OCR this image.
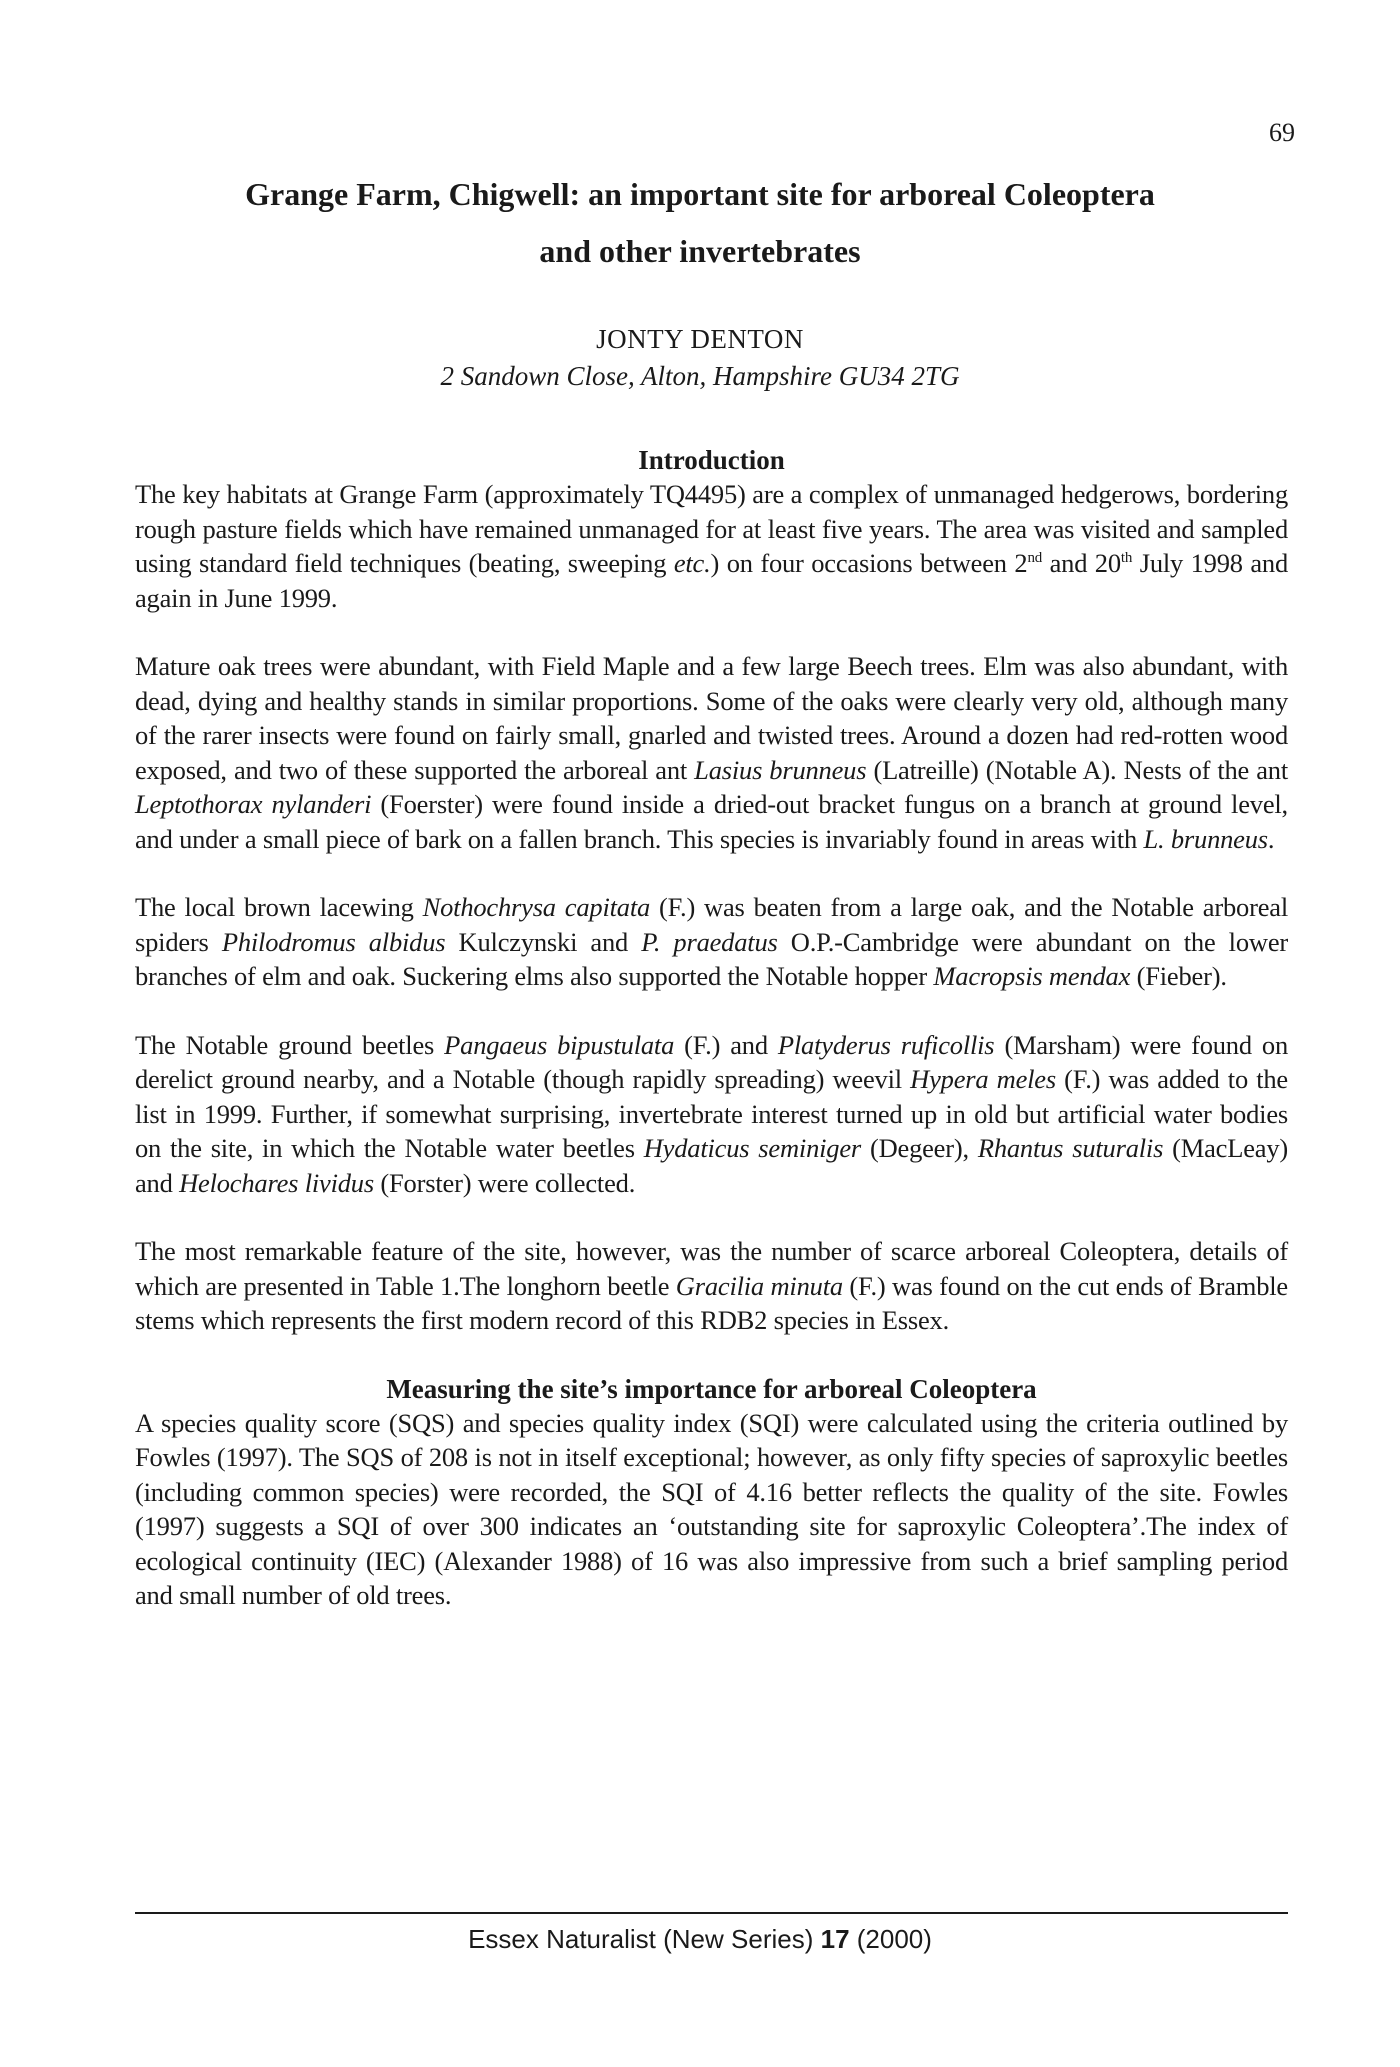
69
Grange Farm, Chigwell: an important site for arboreal Coleoptera
and other invertebrates
JONTY DENTON
2 Sandown Close, Alton, Hampshire GU34 2TG

Introduction

The key habitats at Grange Farm (approximately TQ4495) are a complex of unmanaged hedgerows, bordering rough pasture fields which have remained unmanaged for at least five years. The area was visited and sampled using standard field techniques (beating, sweeping etc.) on four occasions between 2nd and 20th July 1998 and again in June 1999.

Mature oak trees were abundant, with Field Maple and a few large Beech trees. Elm was also abundant, with dead, dying and healthy stands in similar proportions. Some of the oaks were clearly very old, although many of the rarer insects were found on fairly small, gnarled and twisted trees. Around a dozen had red-rotten wood exposed, and two of these supported the arboreal ant Lasius brunneus (Latreille) (Notable A). Nests of the ant Leptothorax nylanderi (Foerster) were found inside a dried-out bracket fungus on a branch at ground level, and under a small piece of bark on a fallen branch. This species is invariably found in areas with L. brunneus.

The local brown lacewing Nothochrysa capitata (F.) was beaten from a large oak, and the Notable arboreal spiders Philodromus albidus Kulczynski and P. praedatus O.P.-Cambridge were abundant on the lower branches of elm and oak. Suckering elms also supported the Notable hopper Macropsis mendax (Fieber).

The Notable ground beetles Pangaeus bipustulata (F.) and Platyderus ruficollis (Marsham) were found on derelict ground nearby, and a Notable (though rapidly spreading) weevil Hypera meles (F.) was added to the list in 1999. Further, if somewhat surprising, invertebrate interest turned up in old but artificial water bodies on the site, in which the Notable water beetles Hydaticus seminiger (Degeer), Rhantus suturalis (MacLeay) and Helochares lividus (Forster) were collected.

The most remarkable feature of the site, however, was the number of scarce arboreal Coleoptera, details of which are presented in Table 1.The longhorn beetle Gracilia minuta (F.) was found on the cut ends of Bramble stems which represents the first modern record of this RDB2 species in Essex.

Measuring the site’s importance for arboreal Coleoptera

A species quality score (SQS) and species quality index (SQI) were calculated using the criteria outlined by Fowles (1997). The SQS of 208 is not in itself exceptional; however, as only fifty species of saproxylic beetles (including common species) were recorded, the SQI of 4.16 better reflects the quality of the site. Fowles (1997) suggests a SQI of over 300 indicates an ‘outstanding site for saproxylic Coleoptera’.The index of ecological continuity (IEC) (Alexander 1988) of 16 was also impressive from such a brief sampling period and small number of old trees.

Essex Naturalist (New Series) 17 (2000)
